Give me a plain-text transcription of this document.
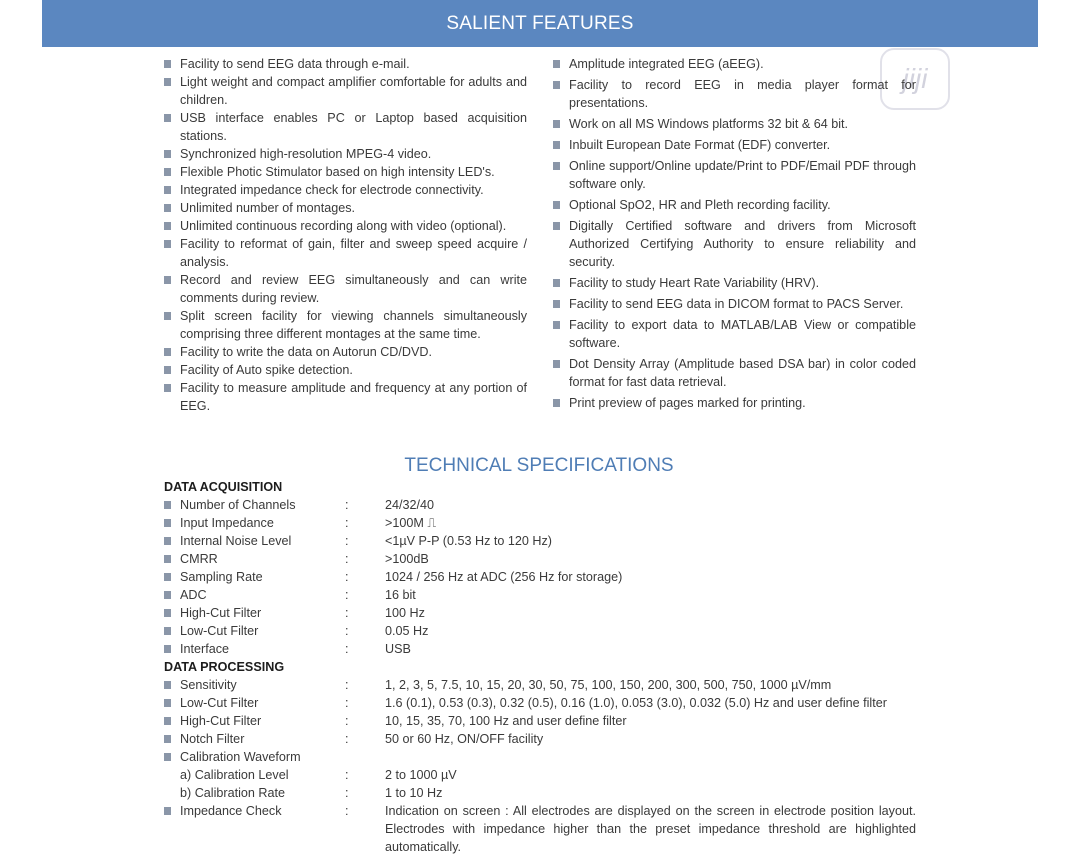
SALIENT FEATURES
jiji
Facility to send EEG data through e-mail.
Light weight and compact amplifier comfortable for adults and children.
USB interface enables PC or Laptop based acquisition stations.
Synchronized high-resolution MPEG-4 video.
Flexible Photic Stimulator based on high intensity LED's.
Integrated impedance check for electrode connectivity.
Unlimited number of montages.
Unlimited continuous recording along with video (optional).
Facility to reformat of gain, filter and sweep speed acquire / analysis.
Record and review EEG simultaneously and can write comments during review.
Split screen facility for viewing channels simultaneously comprising three different montages at the same time.
Facility to write the data on Autorun CD/DVD.
Facility of Auto spike detection.
Facility to measure amplitude and frequency at any portion of EEG.
Amplitude integrated EEG (aEEG).
Facility to record EEG in media player format for presentations.
Work on all MS Windows platforms 32 bit & 64 bit.
Inbuilt European Date Format (EDF) converter.
Online support/Online update/Print to PDF/Email PDF through software only.
Optional SpO2, HR and Pleth recording facility.
Digitally Certified software and drivers from Microsoft Authorized Certifying Authority to ensure reliability and security.
Facility to study Heart Rate Variability (HRV).
Facility to send EEG data in DICOM format to PACS Server.
Facility to export data to MATLAB/LAB View or compatible software.
Dot Density Array (Amplitude based DSA bar) in color coded format for fast data retrieval.
Print preview of pages marked for printing.
TECHNICAL SPECIFICATIONS
DATA ACQUISITION
Number of Channels	:	24/32/40
Input Impedance	:	>100M ⎍
Internal Noise Level	:	<1µV P-P (0.53 Hz to 120 Hz)
CMRR	:	>100dB
Sampling Rate	:	1024 / 256 Hz at ADC (256 Hz for storage)
ADC	:	16 bit
High-Cut Filter	:	100 Hz
Low-Cut Filter	:	0.05 Hz
Interface	:	USB
DATA PROCESSING
Sensitivity	:	1, 2, 3, 5, 7.5, 10, 15, 20, 30, 50, 75, 100, 150, 200, 300, 500, 750, 1000 µV/mm
Low-Cut Filter	:	1.6 (0.1), 0.53 (0.3), 0.32 (0.5), 0.16 (1.0), 0.053 (3.0), 0.032 (5.0) Hz and user define filter
High-Cut Filter	:	10, 15, 35, 70, 100 Hz and user define filter
Notch Filter	:	50 or 60 Hz, ON/OFF facility
Calibration Waveform
a) Calibration Level	:	2 to 1000 µV
b) Calibration Rate	:	1 to 10 Hz
Impedance Check	:	Indication on screen : All electrodes are displayed on the screen in electrode position layout. Electrodes with impedance higher than the preset impedance threshold are highlighted automatically.
